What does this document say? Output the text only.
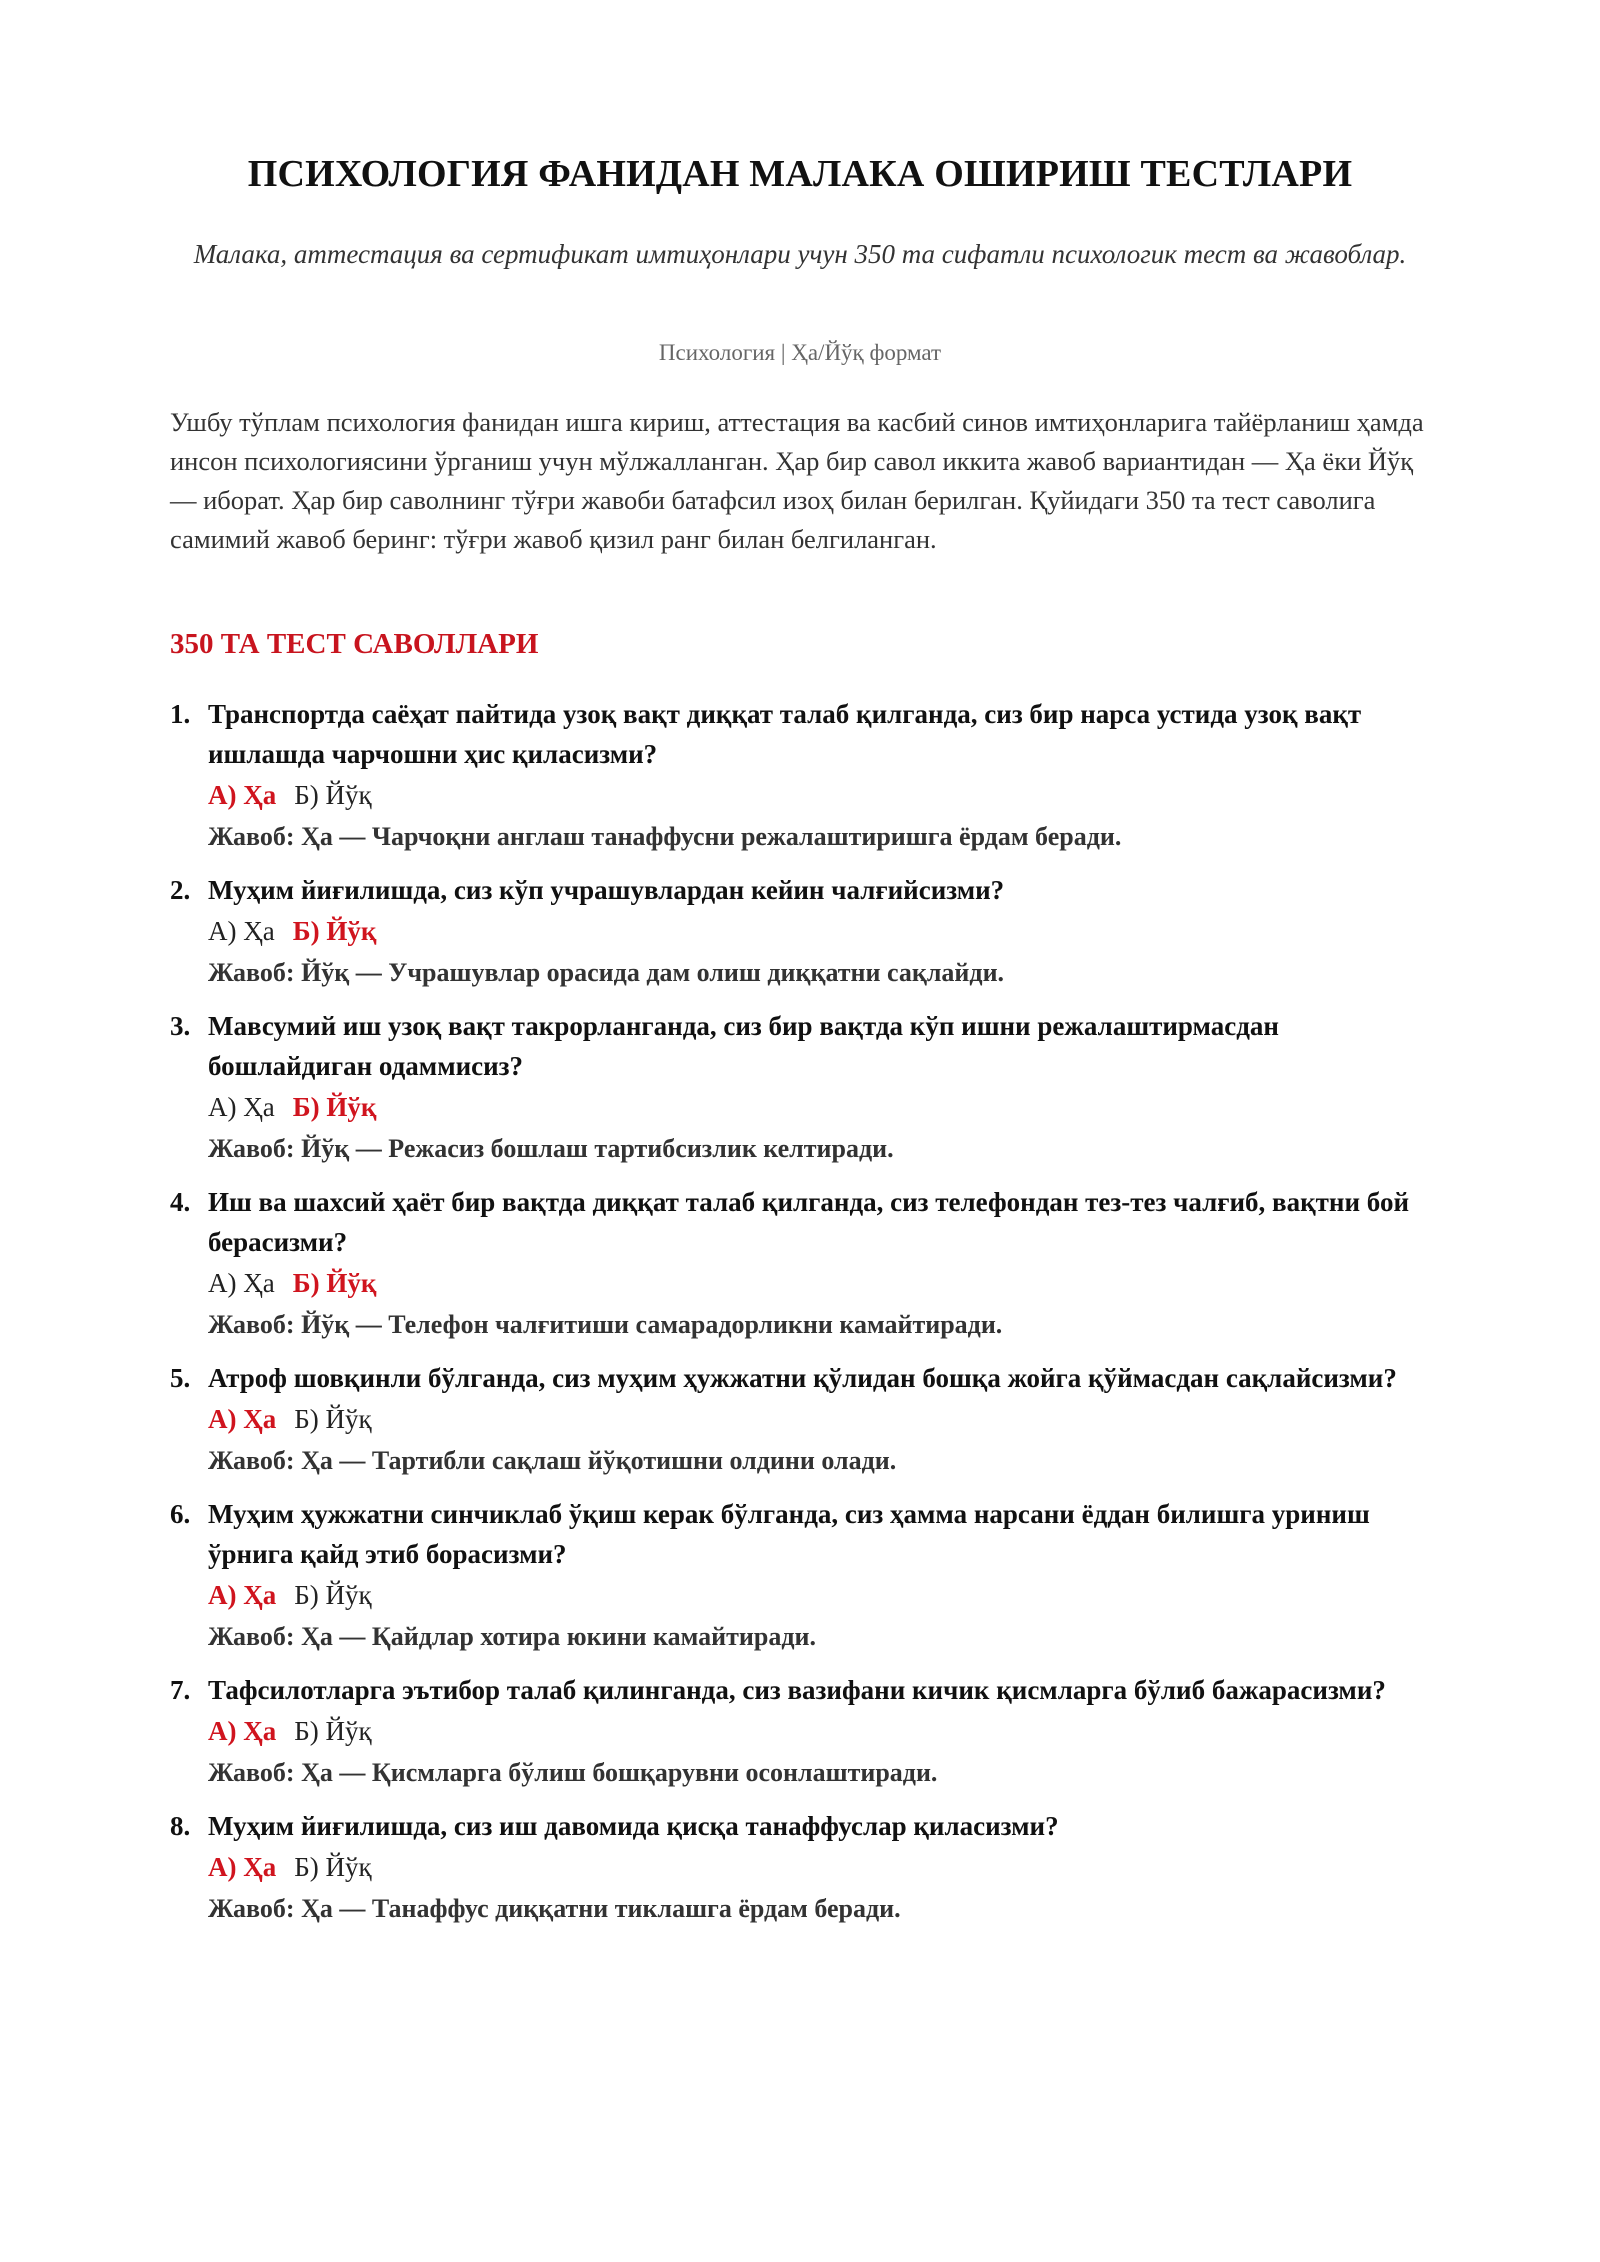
ПСИХОЛОГИЯ ФАНИДАН МАЛАКА ОШИРИШ ТЕСТЛАРИ
Малака, аттестация ва сертификат имтиҳонлари учун 350 та сифатли психологик тест ва жавоблар.
Психология | Ҳа/Йўқ формат
Ушбу тўплам психология фанидан ишга кириш, аттестация ва касбий синов имтиҳонларига тайёрланиш ҳамда инсон психологиясини ўрганиш учун мўлжалланган. Ҳар бир савол иккита жавоб вариантидан — Ҳа ёки Йўқ — иборат. Ҳар бир саволнинг тўғри жавоби батафсил изоҳ билан берилган. Қуйидаги 350 та тест саволига самимий жавоб беринг: тўғри жавоб қизил ранг билан белгиланган.
350 ТА ТЕСТ САВОЛЛАРИ
1. Транспортда саёҳат пайтида узоқ вақт диққат талаб қилганда, сиз бир нарса устида узоқ вақт ишлашда чарчошни ҳис қиласизми?
А) Ҳа Б) Йўқ
Жавоб: Ҳа — Чарчоқни англаш танаффусни режалаштиришга ёрдам беради.
2. Муҳим йиғилишда, сиз кўп учрашувлардан кейин чалғийсизми?
А) Ҳа Б) Йўқ
Жавоб: Йўқ — Учрашувлар орасида дам олиш диққатни сақлайди.
3. Мавсумий иш узоқ вақт такрорланганда, сиз бир вақтда кўп ишни режалаштирмасдан бошлайдиган одаммисиз?
А) Ҳа Б) Йўқ
Жавоб: Йўқ — Режасиз бошлаш тартибсизлик келтиради.
4. Иш ва шахсий ҳаёт бир вақтда диққат талаб қилганда, сиз телефондан тез-тез чалғиб, вақтни бой берасизми?
А) Ҳа Б) Йўқ
Жавоб: Йўқ — Телефон чалғитиши самарадорликни камайтиради.
5. Атроф шовқинли бўлганда, сиз муҳим ҳужжатни қўлидан бошқа жойга қўймасдан сақлайсизми?
А) Ҳа Б) Йўқ
Жавоб: Ҳа — Тартибли сақлаш йўқотишни олдини олади.
6. Муҳим ҳужжатни синчиклаб ўқиш керак бўлганда, сиз ҳамма нарсани ёддан билишга уриниш ўрнига қайд этиб борасизми?
А) Ҳа Б) Йўқ
Жавоб: Ҳа — Қайдлар хотира юкини камайтиради.
7. Тафсилотларга эътибор талаб қилинганда, сиз вазифани кичик қисмларга бўлиб бажарасизми?
А) Ҳа Б) Йўқ
Жавоб: Ҳа — Қисмларга бўлиш бошқарувни осонлаштиради.
8. Муҳим йиғилишда, сиз иш давомида қисқа танаффуслар қиласизми?
А) Ҳа Б) Йўқ
Жавоб: Ҳа — Танаффус диққатни тиклашга ёрдам беради.
